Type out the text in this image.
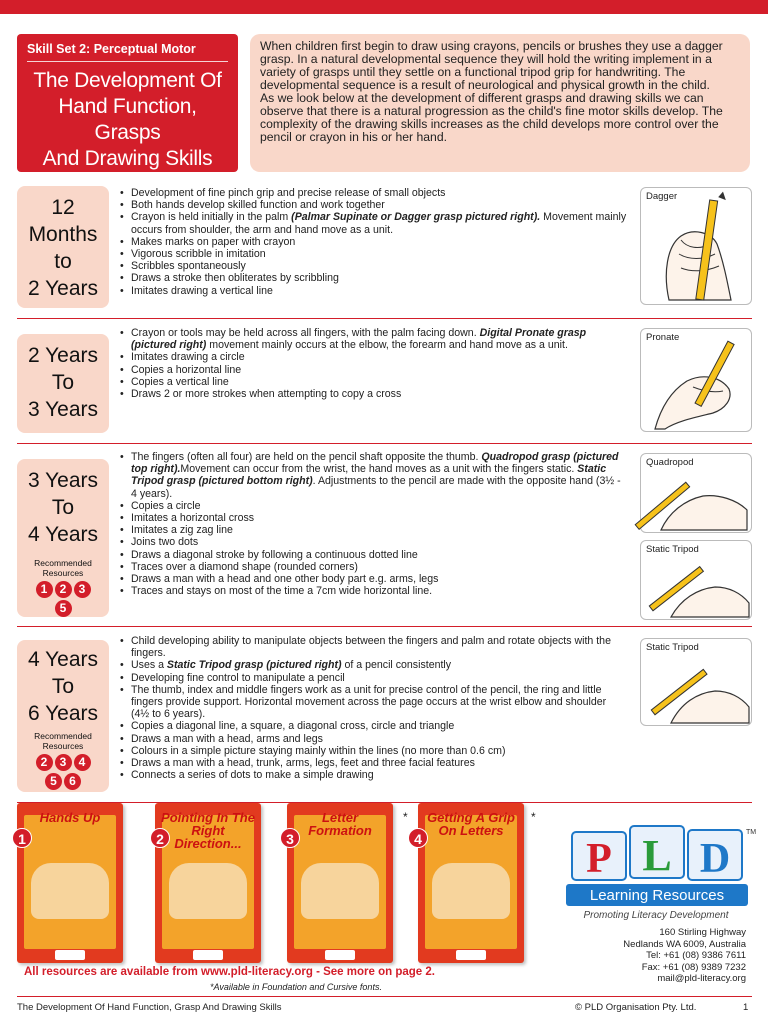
Skill Set 2: Perceptual Motor
The Development Of
Hand Function, Grasps
And Drawing Skills

When children first begin to draw using crayons, pencils or brushes they use a dagger grasp. In a natural developmental sequence they will hold the writing implement in a variety of grasps until they settle on a functional tripod grip for handwriting. The developmental sequence is a result of neurological and physical growth in the child.

As we look below at the development of different grasps and drawing skills we can observe that there is a natural progression as the child's fine motor skills develop. The complexity of the drawing skills increases as the child develops more control over the pencil or crayon in his or her hand.

12
Months
to
2 Years
• Development of fine pinch grip and precise release of small objects
• Both hands develop skilled function and work together
• Crayon is held initially in the palm (Palmar Supinate or Dagger grasp pictured right). Movement mainly occurs from shoulder, the arm and hand move as a unit.
• Makes marks on paper with crayon
• Vigorous scribble in imitation
• Scribbles spontaneously
• Draws a stroke then obliterates by scribbling
• Imitates drawing a vertical line
Dagger
2 Years
To
3 Years
• Crayon or tools may be held across all fingers, with the palm facing down. Digital Pronate grasp (pictured right) movement mainly occurs at the elbow, the forearm and hand move as a unit.
• Imitates drawing a circle
• Copies a horizontal line
• Copies a vertical line
• Draws 2 or more strokes when attempting to copy a cross
Pronate
3 Years
To
4 Years
Recommended Resources
1	2	3
5
• The fingers (often all four) are held on the pencil shaft opposite the thumb. Quadropod grasp (pictured top right).Movement can occur from the wrist, the hand moves as a unit with the fingers static. Static Tripod grasp (pictured bottom right). Adjustments to the pencil are made with the opposite hand (3½ - 4 years).
• Copies a circle
• Imitates a horizontal cross
• Imitates a zig zag line
• Joins two dots
• Draws a diagonal stroke by following a continuous dotted line
• Traces over a diamond shape (rounded corners)
• Draws a man with a head and one other body part e.g. arms, legs
• Traces and stays on most of the time a 7cm wide horizontal line.
Quadropod
Static Tripod
4 Years
To
6 Years
Recommended Resources
2	3	4
5	6
• Child developing ability to manipulate objects between the fingers and palm and rotate objects with the fingers.
• Uses a Static Tripod grasp (pictured right) of a pencil consistently
• Developing fine control to manipulate a pencil
• The thumb, index and middle fingers work as a unit for precise control of the pencil, the ring and little fingers provide support. Horizontal movement across the page occurs at the wrist elbow and shoulder (4½ to 6 years).
• Copies a diagonal line, a square, a diagonal cross, circle and triangle
• Draws a man with a head, arms and legs
• Colours in a simple picture staying mainly within the lines (no more than 0.6 cm)
• Draws a man with a head, trunk, arms, legs, feet and three facial features
• Connects a series of dots to make a simple drawing
Static Tripod
Hands Up
1
Pointing In The Right Direction...
2
Letter Formation
3
*	Getting A Grip On Letters
4
*
All resources are available from www.pld-literacy.org - See more on page 2.
*Available in Foundation and Cursive fonts.
P L D
TM
Learning Resources
Promoting Literacy Development
160 Stirling Highway
Nedlands WA 6009, Australia
Tel: +61 (08) 9386 7611
Fax: +61 (08) 9389 7232
mail@pld-literacy.org
The Development Of Hand Function, Grasp And Drawing Skills	© PLD Organisation Pty. Ltd.	1
